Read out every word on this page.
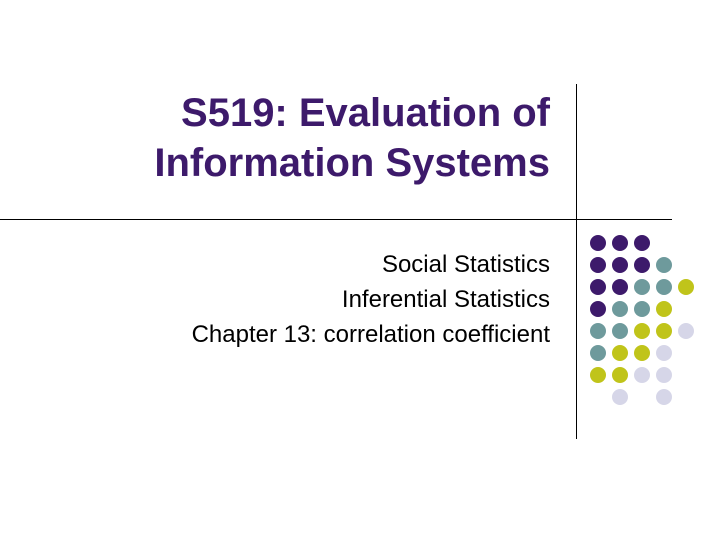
S519: Evaluation of
Information Systems
Social Statistics
Inferential Statistics
Chapter 13: correlation coefficient
